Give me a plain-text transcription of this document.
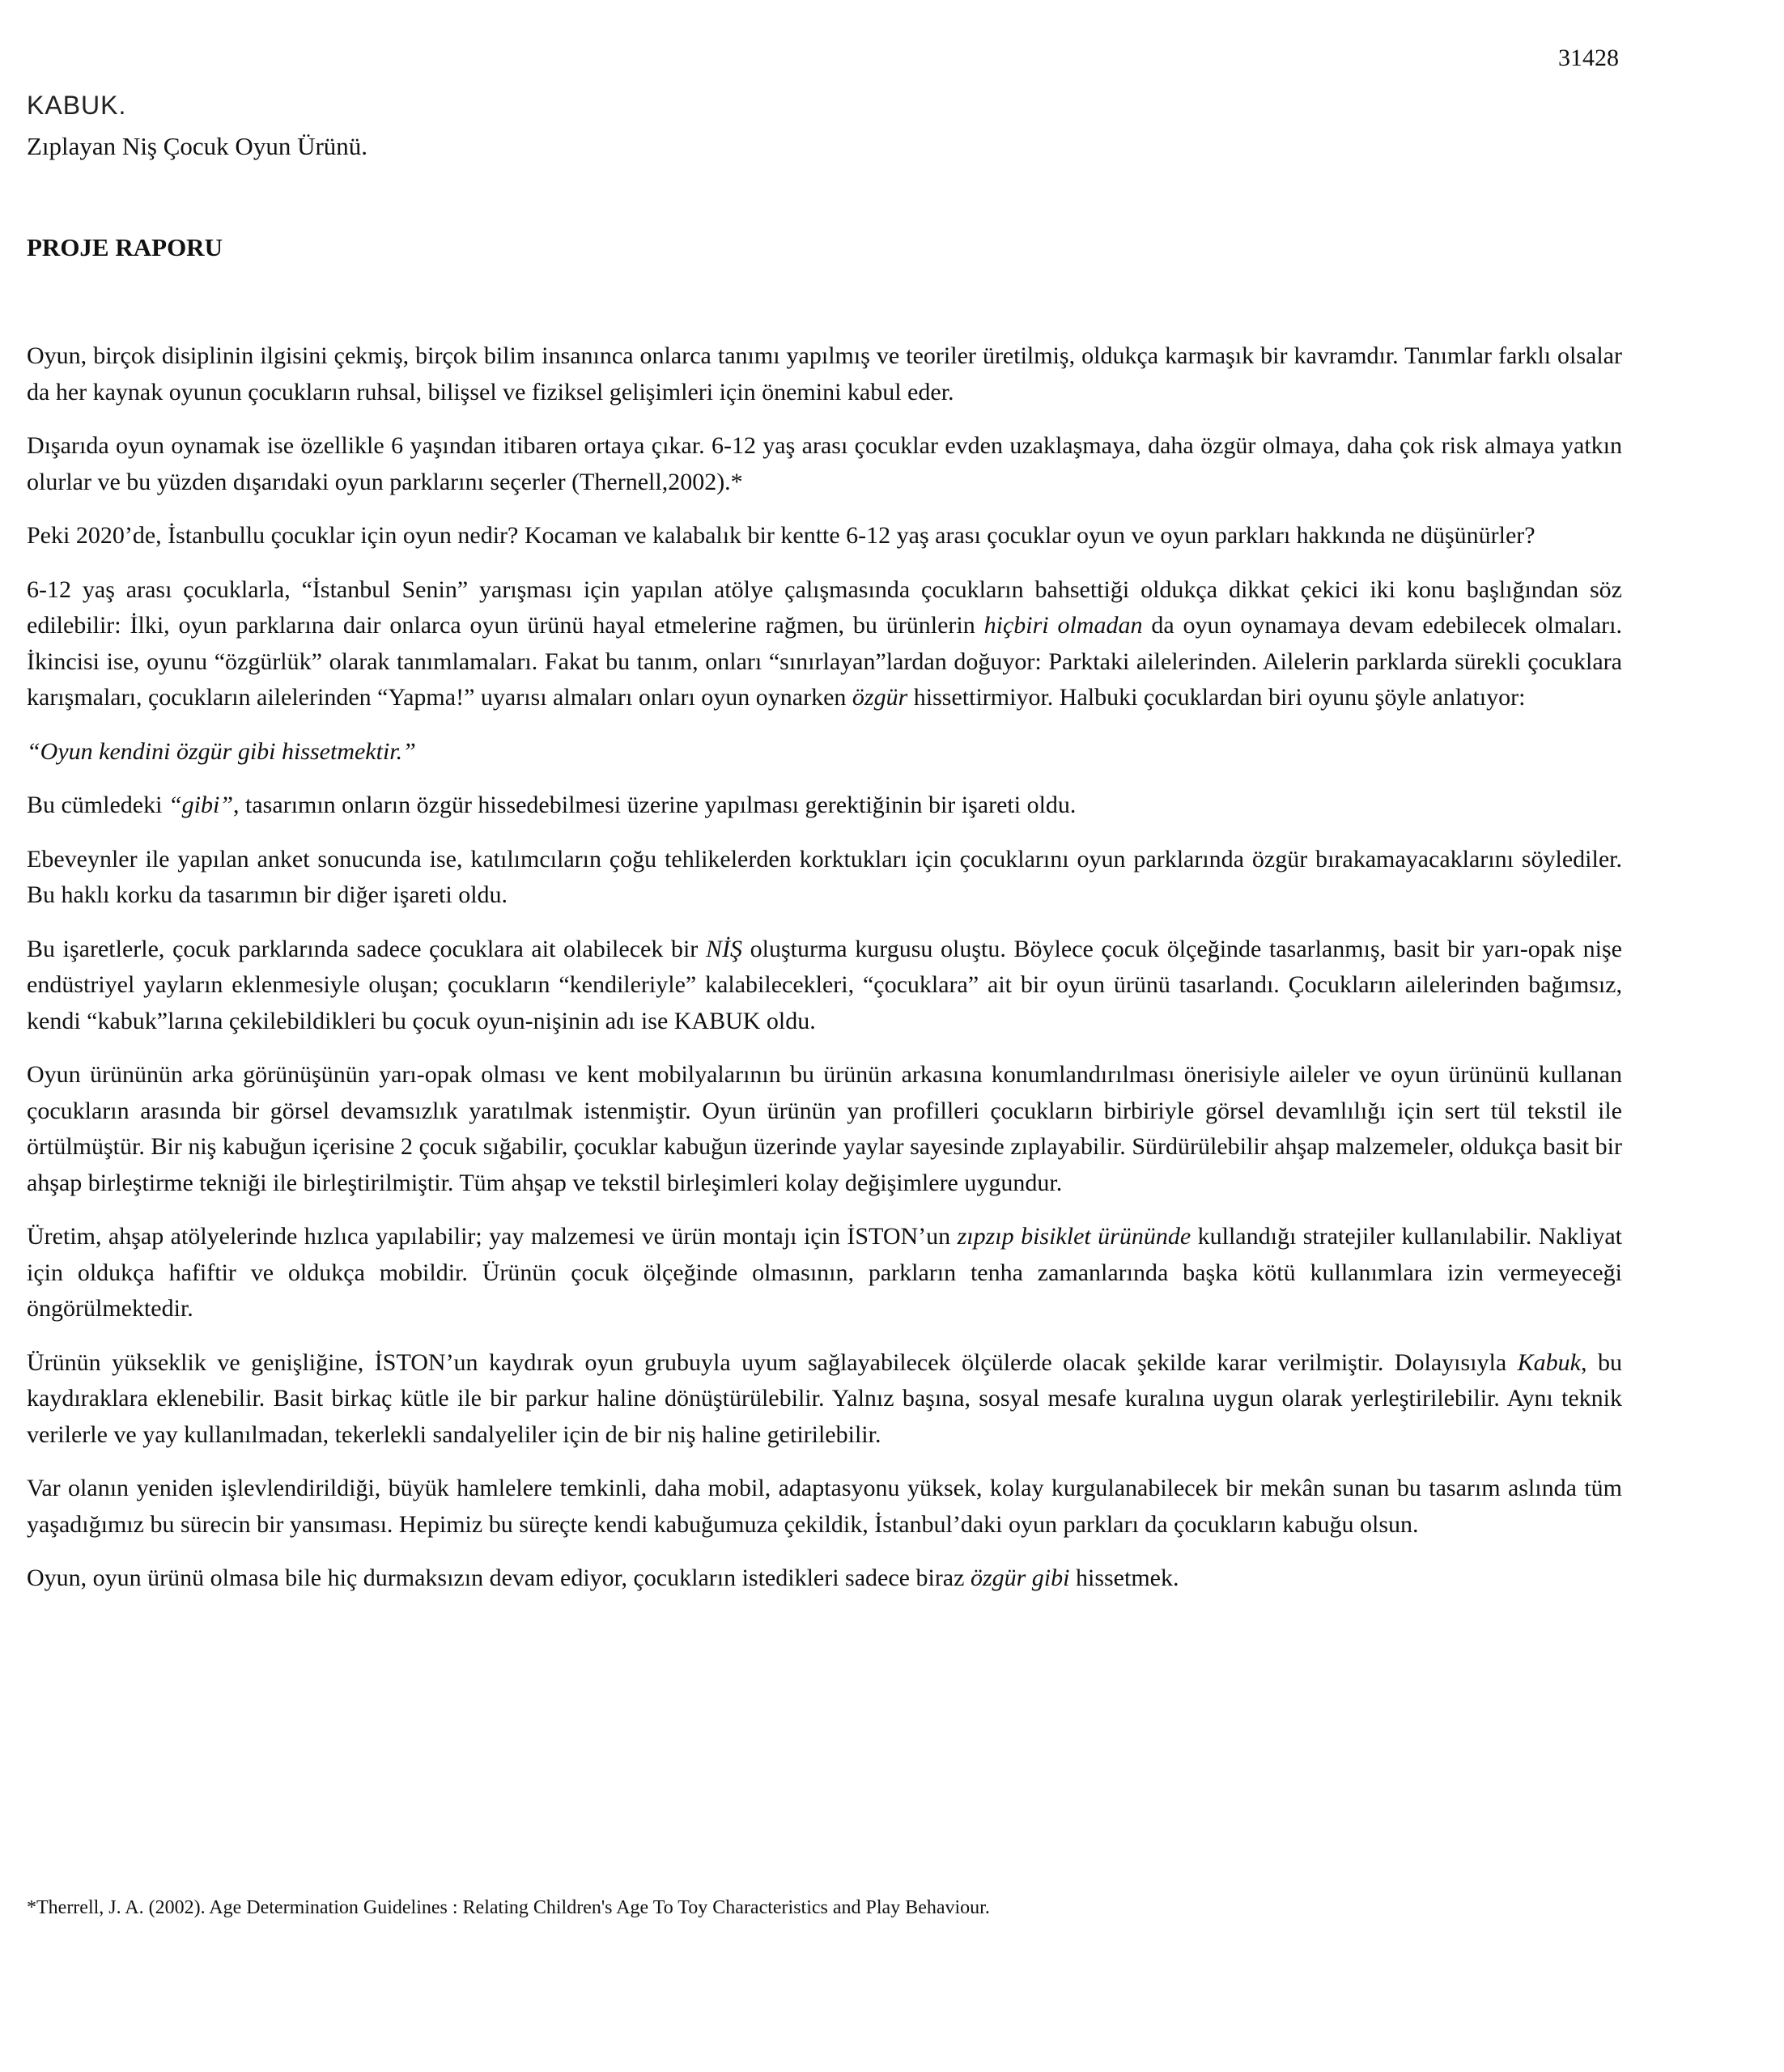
31428
KABUK.
Zıplayan Niş Çocuk Oyun Ürünü.
PROJE RAPORU

Oyun, birçok disiplinin ilgisini çekmiş, birçok bilim insanınca onlarca tanımı yapılmış ve teoriler üretilmiş, oldukça karmaşık bir kavramdır. Tanımlar farklı olsalar da her kaynak oyunun çocukların ruhsal, bilişsel ve fiziksel gelişimleri için önemini kabul eder.

Dışarıda oyun oynamak ise özellikle 6 yaşından itibaren ortaya çıkar. 6-12 yaş arası çocuklar evden uzaklaşmaya, daha özgür olmaya, daha çok risk almaya yatkın olurlar ve bu yüzden dışarıdaki oyun parklarını seçerler (Thernell,2002).*

Peki 2020’de, İstanbullu çocuklar için oyun nedir? Kocaman ve kalabalık bir kentte 6-12 yaş arası çocuklar oyun ve oyun parkları hakkında ne düşünürler?

6-12 yaş arası çocuklarla, “İstanbul Senin” yarışması için yapılan atölye çalışmasında çocukların bahsettiği oldukça dikkat çekici iki konu başlığından söz edilebilir: İlki, oyun parklarına dair onlarca oyun ürünü hayal etmelerine rağmen, bu ürünlerin hiçbiri olmadan da oyun oynamaya devam edebilecek olmaları. İkincisi ise, oyunu “özgürlük” olarak tanımlamaları. Fakat bu tanım, onları “sınırlayan”lardan doğuyor: Parktaki ailelerinden. Ailelerin parklarda sürekli çocuklara karışmaları, çocukların ailelerinden “Yapma!” uyarısı almaları onları oyun oynarken özgür hissettirmiyor. Halbuki çocuklardan biri oyunu şöyle anlatıyor:

“Oyun kendini özgür gibi hissetmektir.”

Bu cümledeki “gibi”, tasarımın onların özgür hissedebilmesi üzerine yapılması gerektiğinin bir işareti oldu.

Ebeveynler ile yapılan anket sonucunda ise, katılımcıların çoğu tehlikelerden korktukları için çocuklarını oyun parklarında özgür bırakamayacaklarını söylediler. Bu haklı korku da tasarımın bir diğer işareti oldu.

Bu işaretlerle, çocuk parklarında sadece çocuklara ait olabilecek bir NİŞ oluşturma kurgusu oluştu. Böylece çocuk ölçeğinde tasarlanmış, basit bir yarı-opak nişe endüstriyel yayların eklenmesiyle oluşan; çocukların “kendileriyle” kalabilecekleri, “çocuklara” ait bir oyun ürünü tasarlandı. Çocukların ailelerinden bağımsız, kendi “kabuk”larına çekilebildikleri bu çocuk oyun-nişinin adı ise KABUK oldu.

Oyun ürününün arka görünüşünün yarı-opak olması ve kent mobilyalarının bu ürünün arkasına konumlandırılması önerisiyle aileler ve oyun ürününü kullanan çocukların arasında bir görsel devamsızlık yaratılmak istenmiştir. Oyun ürünün yan profilleri çocukların birbiriyle görsel devamlılığı için sert tül tekstil ile örtülmüştür. Bir niş kabuğun içerisine 2 çocuk sığabilir, çocuklar kabuğun üzerinde yaylar sayesinde zıplayabilir. Sürdürülebilir ahşap malzemeler, oldukça basit bir ahşap birleştirme tekniği ile birleştirilmiştir. Tüm ahşap ve tekstil birleşimleri kolay değişimlere uygundur.

Üretim, ahşap atölyelerinde hızlıca yapılabilir; yay malzemesi ve ürün montajı için İSTON’un zıpzıp bisiklet ürününde kullandığı stratejiler kullanılabilir. Nakliyat için oldukça hafiftir ve oldukça mobildir. Ürünün çocuk ölçeğinde olmasının, parkların tenha zamanlarında başka kötü kullanımlara izin vermeyeceği öngörülmektedir.

Ürünün yükseklik ve genişliğine, İSTON’un kaydırak oyun grubuyla uyum sağlayabilecek ölçülerde olacak şekilde karar verilmiştir. Dolayısıyla Kabuk, bu kaydıraklara eklenebilir. Basit birkaç kütle ile bir parkur haline dönüştürülebilir. Yalnız başına, sosyal mesafe kuralına uygun olarak yerleştirilebilir. Aynı teknik verilerle ve yay kullanılmadan, tekerlekli sandalyeliler için de bir niş haline getirilebilir.

Var olanın yeniden işlevlendirildiği, büyük hamlelere temkinli, daha mobil, adaptasyonu yüksek, kolay kurgulanabilecek bir mekân sunan bu tasarım aslında tüm yaşadığımız bu sürecin bir yansıması. Hepimiz bu süreçte kendi kabuğumuza çekildik, İstanbul’daki oyun parkları da çocukların kabuğu olsun.

Oyun, oyun ürünü olmasa bile hiç durmaksızın devam ediyor, çocukların istedikleri sadece biraz özgür gibi hissetmek.

*Therrell, J. A. (2002). Age Determination Guidelines : Relating Children's Age To Toy Characteristics and Play Behaviour.
